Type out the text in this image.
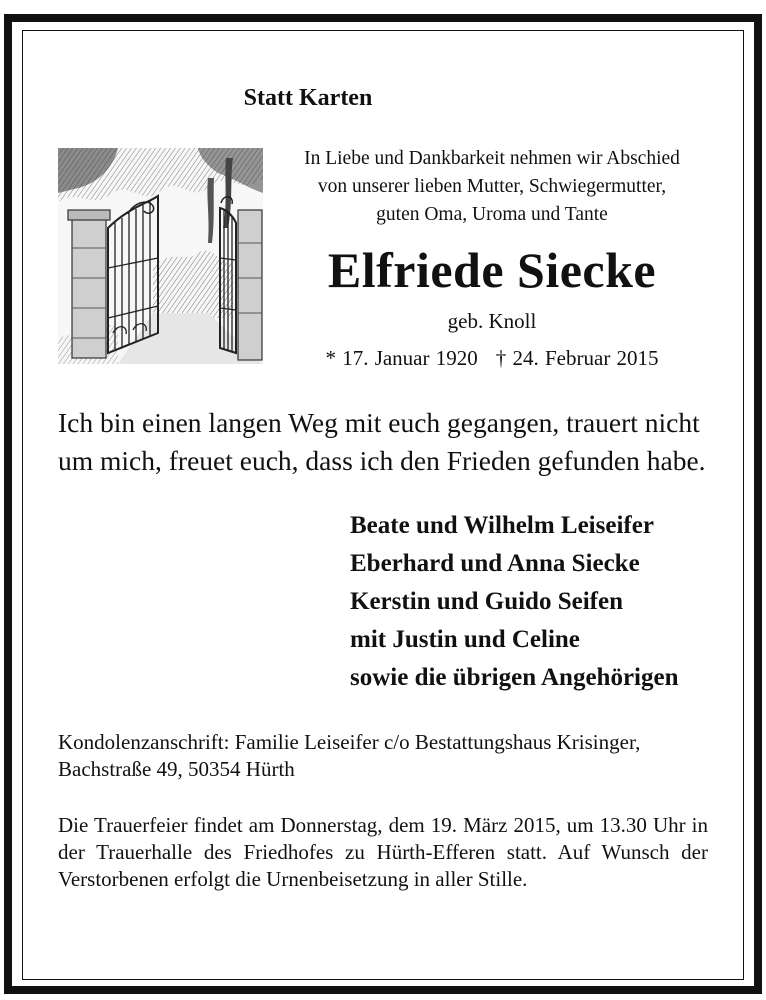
Statt Karten
In Liebe und Dankbarkeit nehmen wir Abschied
von unserer lieben Mutter, Schwiegermutter,
guten Oma, Uroma und Tante
Elfriede Siecke
geb. Knoll
* 17. Januar 1920 † 24. Februar 2015
Ich bin einen langen Weg mit euch gegangen, trauert nicht
um mich, freuet euch, dass ich den Frieden gefunden habe.
Beate und Wilhelm Leiseifer
Eberhard und Anna Siecke
Kerstin und Guido Seifen
mit Justin und Celine
sowie die übrigen Angehörigen
Kondolenzanschrift: Familie Leiseifer c/o Bestattungshaus Krisinger,
Bachstraße 49, 50354 Hürth
Die Trauerfeier findet am Donnerstag, dem 19. März 2015, um 13.30 Uhr in der Trauerhalle des Friedhofes zu Hürth-Efferen statt. Auf Wunsch der Verstorbenen erfolgt die Urnenbeisetzung in aller Stille.
